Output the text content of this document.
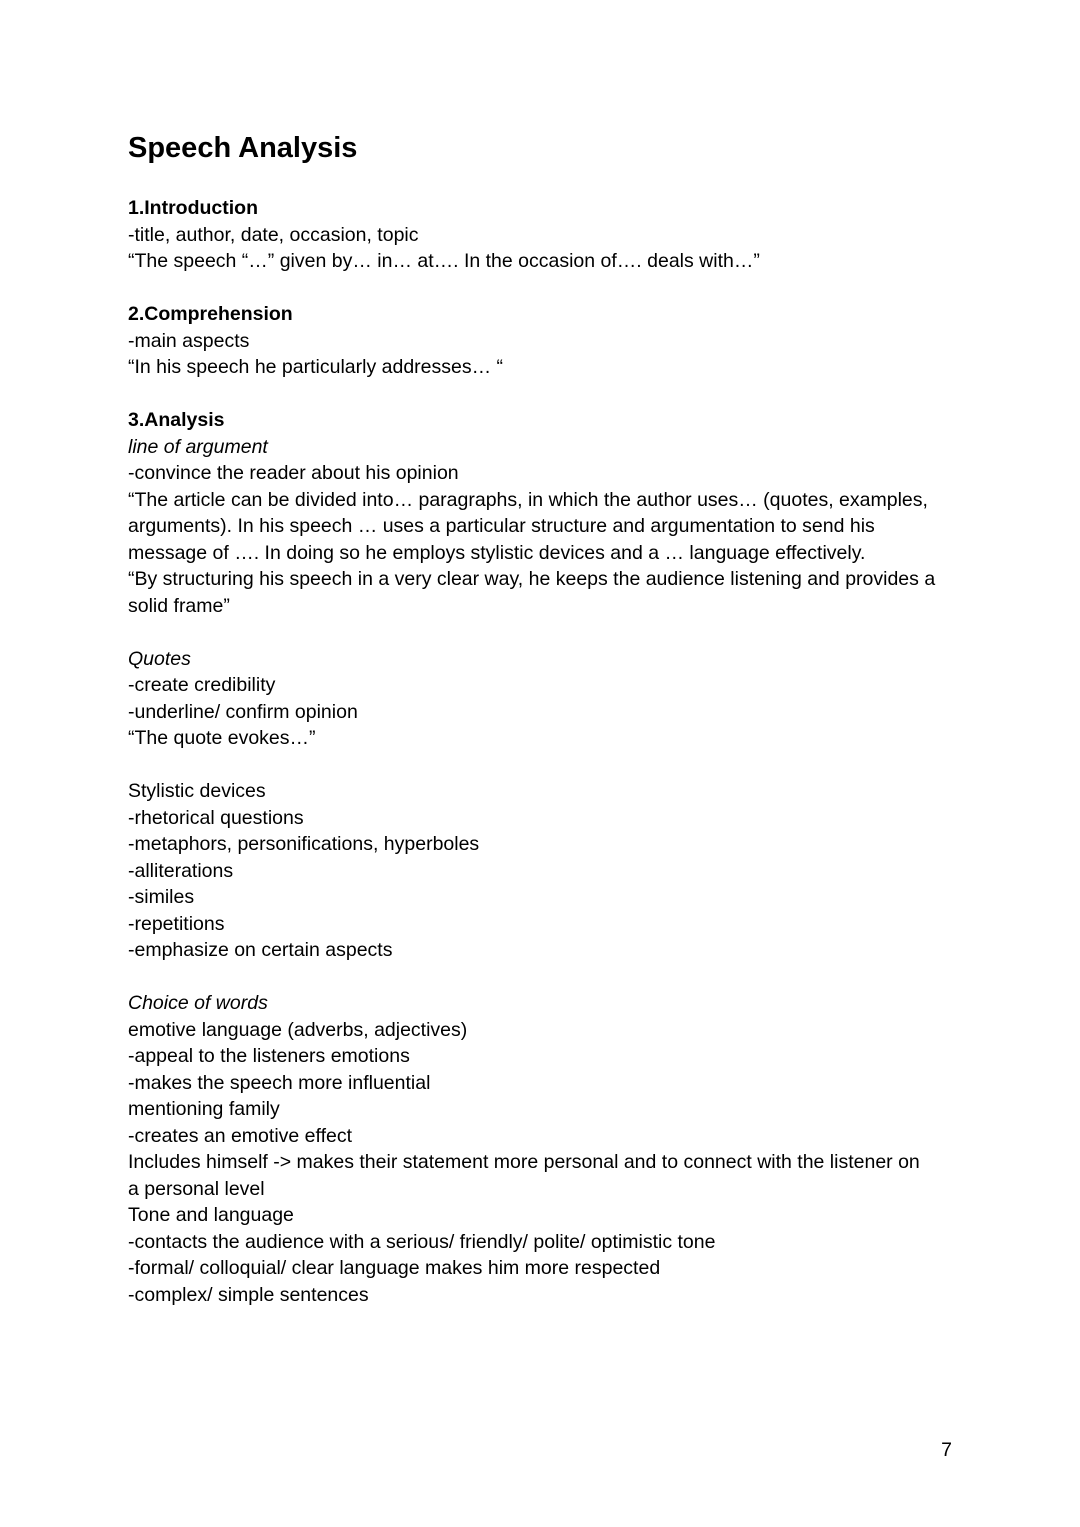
Speech Analysis

1.Introduction

-title, author, date, occasion, topic

“The speech “…” given by… in… at…. In the occasion of…. deals with…”

2.Comprehension

-main aspects

“In his speech he particularly addresses… “

3.Analysis

line of argument

-convince the reader about his opinion

“The article can be divided into… paragraphs, in which the author uses… (quotes, examples,

arguments). In his speech … uses a particular structure and argumentation to send his

message of …. In doing so he employs stylistic devices and a … language effectively.

“By structuring his speech in a very clear way, he keeps the audience listening and provides a

solid frame”

Quotes

-create credibility

-underline/ confirm opinion

“The quote evokes…”

Stylistic devices

-rhetorical questions

-metaphors, personifications, hyperboles

-alliterations

-similes

-repetitions

-emphasize on certain aspects

Choice of words

emotive language (adverbs, adjectives)

-appeal to the listeners emotions

-makes the speech more influential

mentioning family

-creates an emotive effect

Includes himself -> makes their statement more personal and to connect with the listener on

a personal level

Tone and language

-contacts the audience with a serious/ friendly/ polite/ optimistic tone

-formal/ colloquial/ clear language makes him more respected

-complex/ simple sentences

7
